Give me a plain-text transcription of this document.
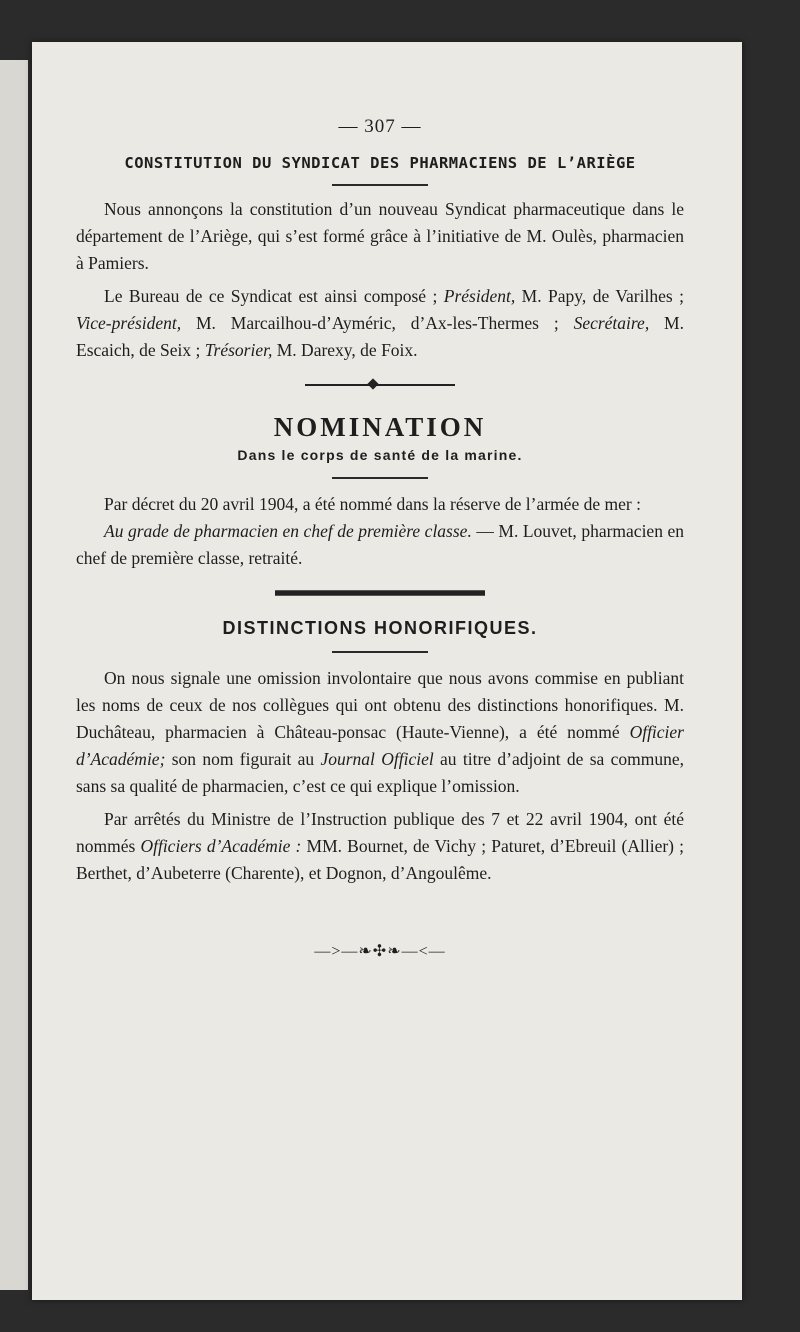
— 307 —
CONSTITUTION DU SYNDICAT DES PHARMACIENS DE L’ARIÈGE

Nous annonçons la constitution d’un nouveau Syndicat pharmaceutique dans le département de l’Ariège, qui s’est formé grâce à l’initiative de M. Oulès, pharmacien à Pamiers.

Le Bureau de ce Syndicat est ainsi composé ; Président, M. Papy, de Varilhes ; Vice-président, M. Marcailhou-d’Ayméric, d’Ax-les-Thermes ; Secrétaire, M. Escaich, de Seix ; Trésorier, M. Darexy, de Foix.

NOMINATION
Dans le corps de santé de la marine.

Par décret du 20 avril 1904, a été nommé dans la réserve de l’armée de mer :

Au grade de pharmacien en chef de première classe. — M. Louvet, pharmacien en chef de première classe, retraité.

DISTINCTIONS HONORIFIQUES.

On nous signale une omission involontaire que nous avons commise en publiant les noms de ceux de nos collègues qui ont obtenu des distinctions honorifiques. M. Duchâteau, pharmacien à Château-ponsac (Haute-Vienne), a été nommé Officier d’Académie; son nom figurait au Journal Officiel au titre d’adjoint de sa commune, sans sa qualité de pharmacien, c’est ce qui explique l’omission.

Par arrêtés du Ministre de l’Instruction publique des 7 et 22 avril 1904, ont été nommés Officiers d’Académie : MM. Bournet, de Vichy ; Paturet, d’Ebreuil (Allier) ; Berthet, d’Aubeterre (Charente), et Dognon, d’Angoulême.

—>—❧✣❧—<—
